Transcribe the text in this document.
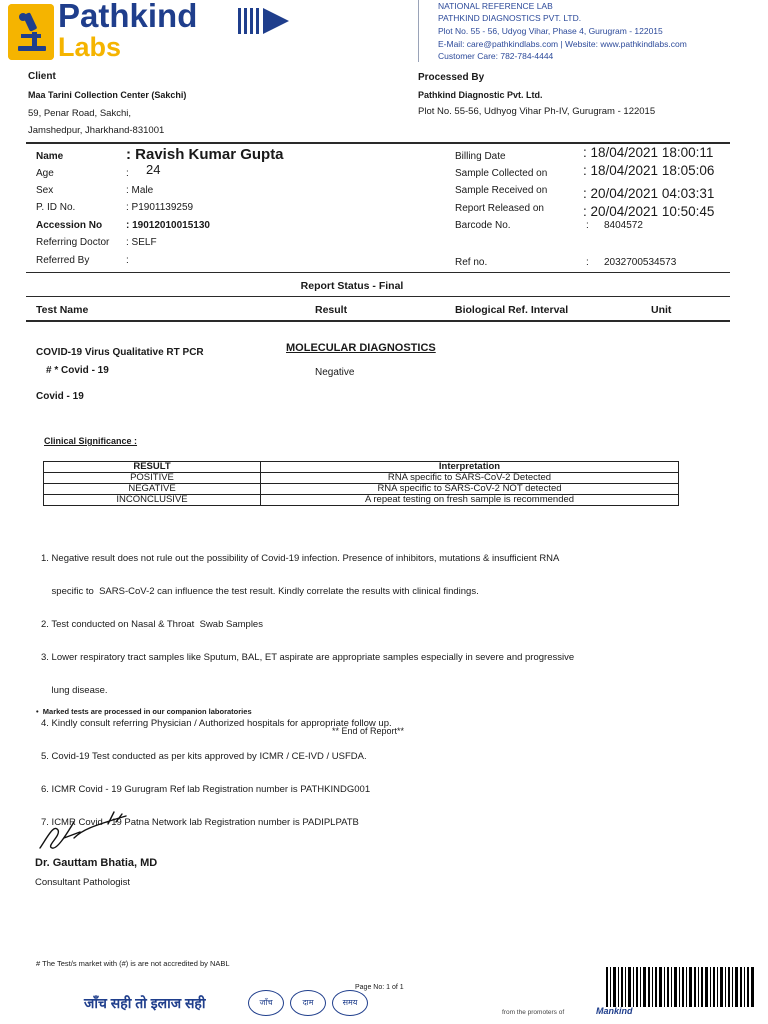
Pathkind
Labs
NATIONAL REFERENCE LAB
PATHKIND DIAGNOSTICS PVT. LTD.
Plot No. 55 - 56, Udyog Vihar, Phase 4, Gurugram - 122015
E-Mail: care@pathkindlabs.com | Website: www.pathkindlabs.com
Customer Care: 782-784-4444
Client
Maa Tarini Collection Center (Sakchi)
59, Penar Road, Sakchi,
Jamshedpur, Jharkhand-831001
Processed By
Pathkind Diagnostic Pvt. Ltd.
Plot No. 55-56, Udhyog Vihar Ph-IV, Gurugram - 122015
Name	: Ravish Kumar Gupta
Age	: 24
Sex	: Male
P. ID No.	: P1901139259
Accession No : 19012010015130
Referring Doctor : SELF
Referred By	:
Billing Date	: 18/04/2021 18:00:11
Sample Collected on	: 18/04/2021 18:05:06
Sample Received on	: 20/04/2021 04:03:31
Report Released on	: 20/04/2021 10:50:45
Barcode No.	: 8404572
Ref no.	: 2032700534573
Report Status - Final
Test Name	Result	Biological Ref. Interval	Unit
COVID-19 Virus Qualitative RT PCR	MOLECULAR DIAGNOSTICS
# * Covid - 19	Negative
Covid - 19
Clinical Significance :
RESULT	Interpretation
POSITIVE	RNA specific to SARS-CoV-2 Detected
NEGATIVE	RNA specific to SARS-CoV-2 NOT detected
INCONCLUSIVE	A repeat testing on fresh sample is recommended

1. Negative result does not rule out the possibility of Covid-19 infection. Presence of inhibitors, mutations & insufficient RNA

specific to  SARS-CoV-2 can influence the test result. Kindly correlate the results with clinical findings.

2. Test conducted on Nasal & Throat  Swab Samples

3. Lower respiratory tract samples like Sputum, BAL, ET aspirate are appropriate samples especially in severe and progressive

lung disease.

4. Kindly consult referring Physician / Authorized hospitals for appropriate follow up.

5. Covid-19 Test conducted as per kits approved by ICMR / CE-IVD / USFDA.

6. ICMR Covid - 19 Gurugram Ref lab Registration number is PATHKINDG001

7. ICMR Covid - 19 Patna Network lab Registration number is PADIPLPATB

•  Marked tests are processed in our companion laboratories
** End of Report**
Dr. Gauttam Bhatia, MD
Consultant Pathologist
# The Test/s market with (#) is are not accredited by NABL
Page No: 1 of 1
जाँच सही तो इलाज सही	जाँच	दाम	समय
from the promoters of	Mankind
